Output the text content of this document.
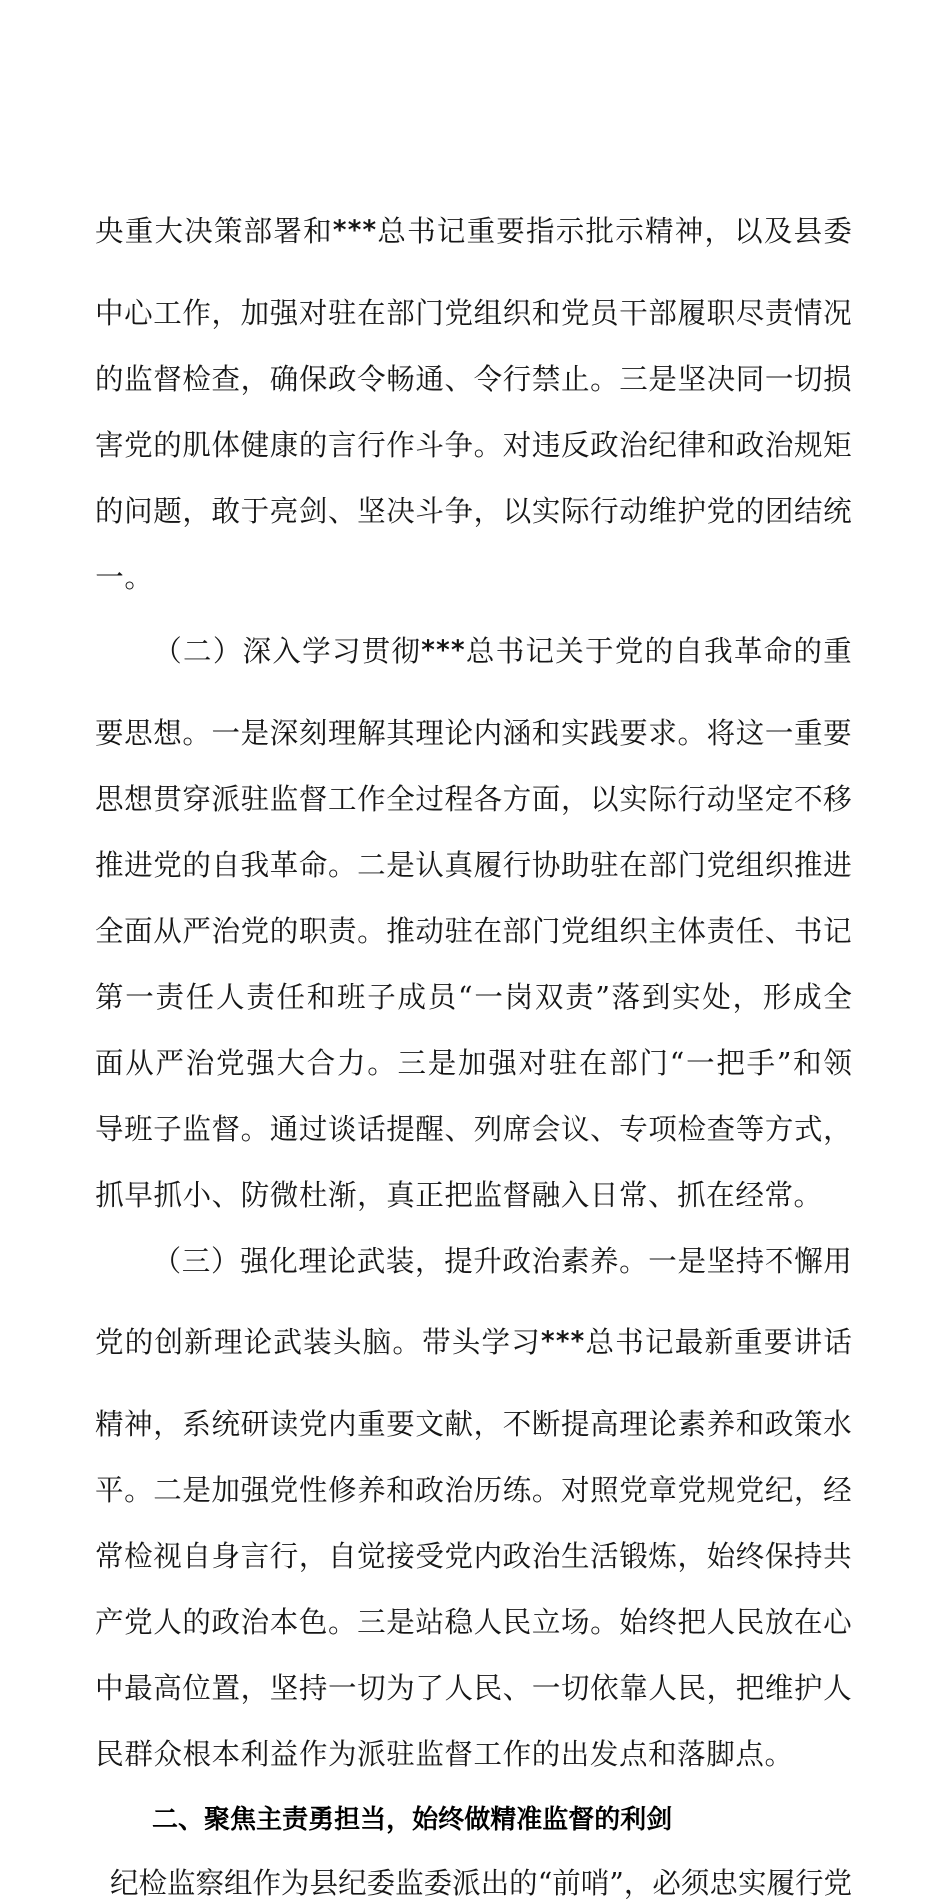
央 重 大 决 策 部 署 和 * * * 总 书 记 重 要 指 示 批 示 精 神 ， 以 及 县 委
中 心 工 作 ， 加 强 对 驻 在 部 门 党 组 织 和 党 员 干 部 履 职 尽 责 情 况
的 监 督 检 查 ， 确 保 政 令 畅 通 、 令 行 禁 止 。 三 是 坚 决 同 一 切 损
害 党 的 肌 体 健 康 的 言 行 作 斗 争 。 对 违 反 政 治 纪 律 和 政 治 规 矩
的 问 题 ， 敢 于 亮 剑 、 坚 决 斗 争 ， 以 实 际 行 动 维 护 党 的 团 结 统
一 。

（ 二 ） 深 入 学 习 贯 彻 * * * 总 书 记 关 于 党 的 自 我 革 命 的 重
要 思 想 。 一 是 深 刻 理 解 其 理 论 内 涵 和 实 践 要 求 。 将 这 一 重 要
思 想 贯 穿 派 驻 监 督 工 作 全 过 程 各 方 面 ， 以 实 际 行 动 坚 定 不 移
推 进 党 的 自 我 革 命 。 二 是 认 真 履 行 协 助 驻 在 部 门 党 组 织 推 进
全 面 从 严 治 党 的 职 责 。 推 动 驻 在 部 门 党 组 织 主 体 责 任 、 书 记
第 一 责 任 人 责 任 和 班 子 成 员 “ 一 岗 双 责 ” 落 到 实 处 ， 形 成 全
面 从 严 治 党 强 大 合 力 。 三 是 加 强 对 驻 在 部 门 “ 一 把 手 ” 和 领
导 班 子 监 督 。 通 过 谈 话 提 醒 、 列 席 会 议 、 专 项 检 查 等 方 式 ，
抓 早 抓 小 、 防 微 杜 渐 ， 真 正 把 监 督 融 入 日 常 、 抓 在 经 常 。

（ 三 ） 强 化 理 论 武 装 ， 提 升 政 治 素 养 。 一 是 坚 持 不 懈 用
党 的 创 新 理 论 武 装 头 脑 。 带 头 学 习 * * * 总 书 记 最 新 重 要 讲 话
精 神 ， 系 统 研 读 党 内 重 要 文 献 ， 不 断 提 高 理 论 素 养 和 政 策 水
平 。 二 是 加 强 党 性 修 养 和 政 治 历 练 。 对 照 党 章 党 规 党 纪 ， 经
常 检 视 自 身 言 行 ， 自 觉 接 受 党 内 政 治 生 活 锻 炼 ， 始 终 保 持 共
产 党 人 的 政 治 本 色 。 三 是 站 稳 人 民 立 场 。 始 终 把 人 民 放 在 心
中 最 高 位 置 ， 坚 持 一 切 为 了 人 民 、 一 切 依 靠 人 民 ， 把 维 护 人
民 群 众 根 本 利 益 作 为 派 驻 监 督 工 作 的 出 发 点 和 落 脚 点 。

二 、 聚 焦 主 责 勇 担 当 ， 始 终 做 精 准 监 督 的 利 剑

纪 检 监 察 组 作 为 县 纪 委 监 委 派 出 的 “ 前 哨 ” ， 必 须 忠 实 履 行 党
